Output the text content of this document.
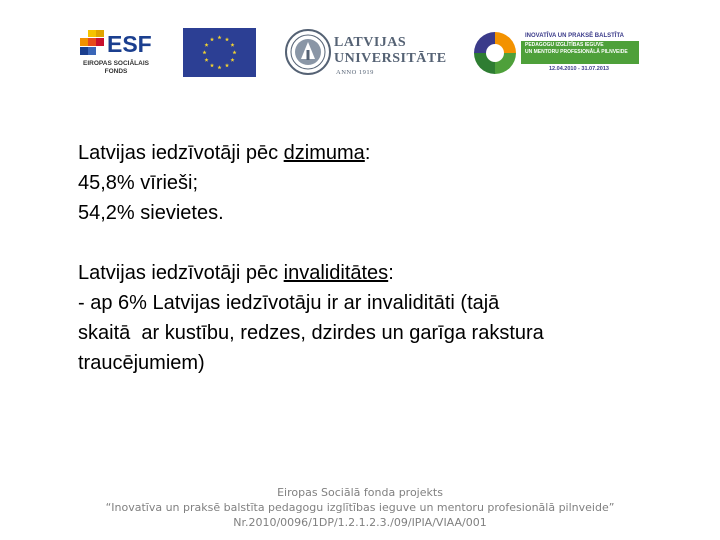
ESF
EIROPAS SOCIĀLAIS
FONDS
LATVIJAS
UNIVERSITĀTE
ANNO 1919
INOVATĪVA UN PRAKSĒ BALSTĪTA
PEDAGOGU IZGLĪTĪBAS IEGUVE
UN MENTORU PROFESIONĀLĀ PILNVEIDE
12.04.2010 - 31.07.2013
Latvijas iedzīvotāji pēc dzimuma:
45,8% vīrieši;
54,2% sievietes.
Latvijas iedzīvotāji pēc invaliditātes:
- ap 6% Latvijas iedzīvotāju ir ar invaliditāti (tajā
skaitā  ar kustību, redzes, dzirdes un garīga rakstura
traucējumiem)
Eiropas Sociālā fonda projekts
“Inovatīva un praksē balstīta pedagogu izglītības ieguve un mentoru profesionālā pilnveide”
Nr.2010/0096/1DP/1.2.1.2.3./09/IPIA/VIAA/001
